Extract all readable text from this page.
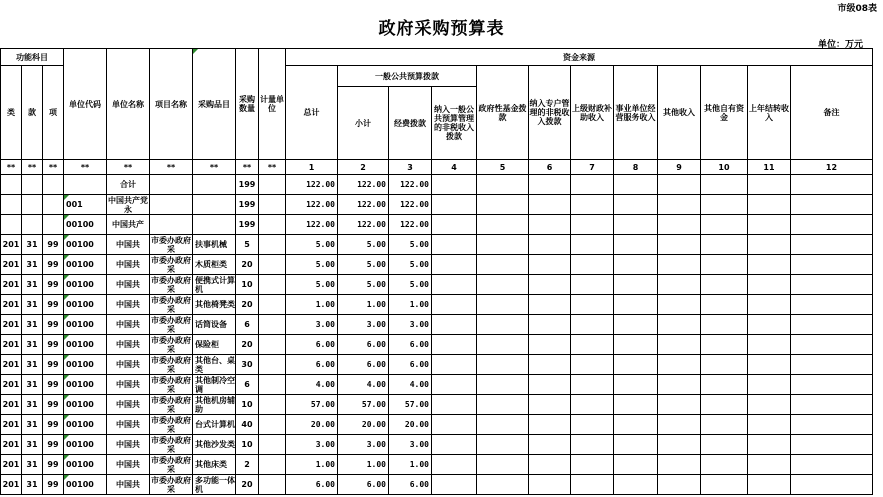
市级08表
政府采购预算表
单位：万元
功能科目			单位代码	单位名称	项目名称	采购品目	采购数量	计量单位	资金来源											
类	款	项							总计	一般公共预算拨款			政府性基金拨款	纳入专户管理的非税收入拨款	上级财政补助收入	事业单位经营服务收入	其他收入	其他自有资金	上年结转收入	备注
										小计	经费拨款	纳入一般公共预算管理的非税收入拨款								
**	**	**	**	**	**	**	**	**	1	2	3	4	5	6	7	8	9	10	11	12
				合计			199		122.00	122.00	122.00									
			001	中国共产党永			199		122.00	122.00	122.00									
			00100	中国共产			199		122.00	122.00	122.00									
201	31	99	00100	中国共	市委办政府采	扶事机械	5		5.00	5.00	5.00									
201	31	99	00100	中国共	市委办政府采	木质柜类	20		5.00	5.00	5.00									
201	31	99	00100	中国共	市委办政府采	便携式计算机	10		5.00	5.00	5.00									
201	31	99	00100	中国共	市委办政府采	其他椅凳类	20		1.00	1.00	1.00									
201	31	99	00100	中国共	市委办政府采	话筒设备	6		3.00	3.00	3.00									
201	31	99	00100	中国共	市委办政府采	保险柜	20		6.00	6.00	6.00									
201	31	99	00100	中国共	市委办政府采	其他台、桌类	30		6.00	6.00	6.00									
201	31	99	00100	中国共	市委办政府采	其他制冷空调	6		4.00	4.00	4.00									
201	31	99	00100	中国共	市委办政府采	其他机房辅助	10		57.00	57.00	57.00									
201	31	99	00100	中国共	市委办政府采	台式计算机	40		20.00	20.00	20.00									
201	31	99	00100	中国共	市委办政府采	其他沙发类	10		3.00	3.00	3.00									
201	31	99	00100	中国共	市委办政府采	其他床类	2		1.00	1.00	1.00									
201	31	99	00100	中国共	市委办政府采	多功能一体机	20		6.00	6.00	6.00									
